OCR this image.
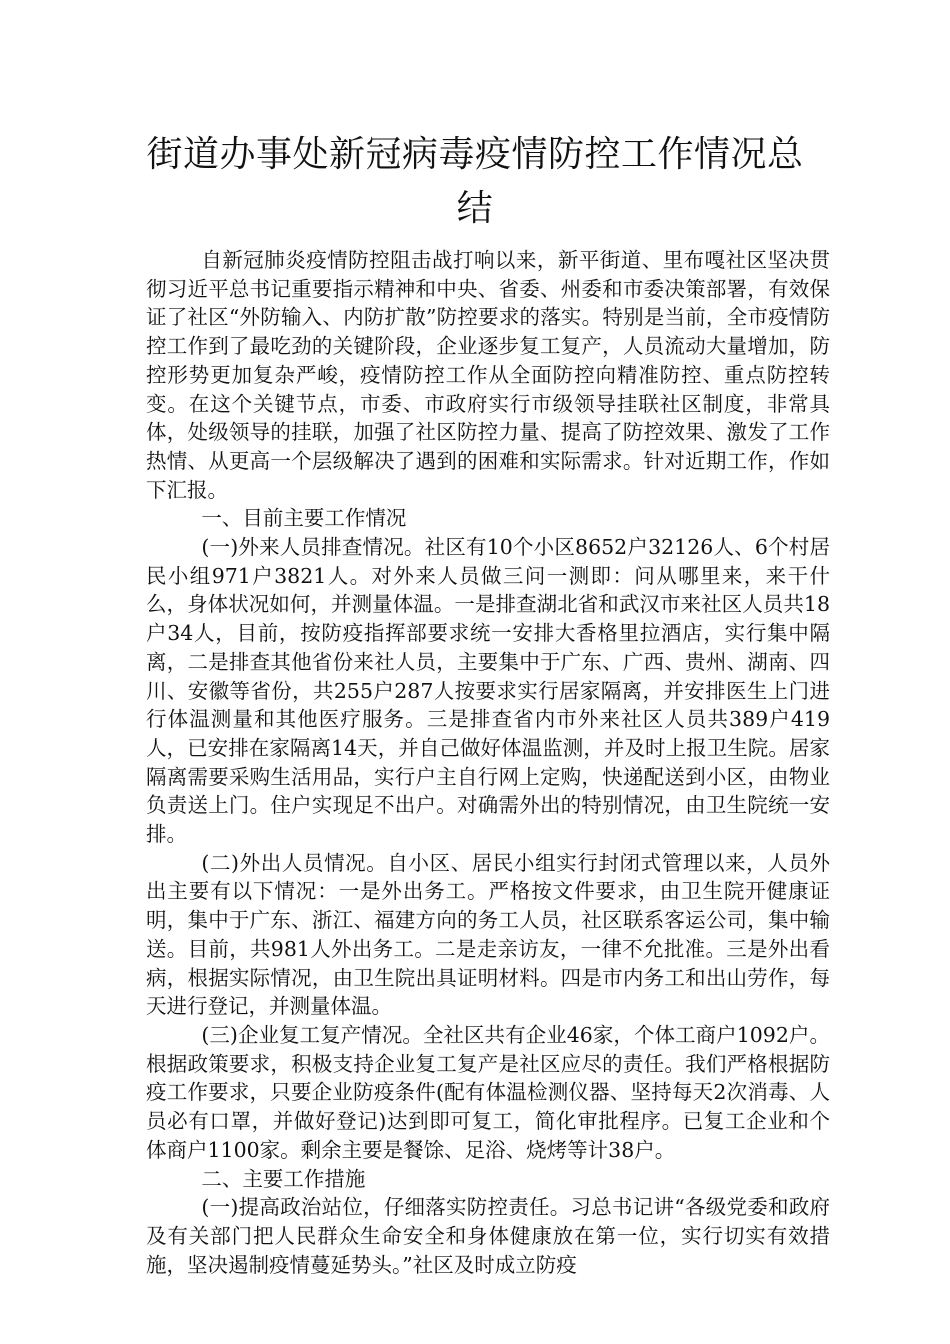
街道办事处新冠病毒疫情防控工作情况总结

自新冠肺炎疫情防控阻击战打响以来，新平街道、里布嘎社区坚决贯彻习近平总书记重要指示精神和中央、省委、州委和市委决策部署，有效保证了社区“外防输入、内防扩散”防控要求的落实。特别是当前，全市疫情防控工作到了最吃劲的关键阶段，企业逐步复工复产，人员流动大量增加，防控形势更加复杂严峻，疫情防控工作从全面防控向精准防控、重点防控转变。在这个关键节点，市委、市政府实行市级领导挂联社区制度，非常具体，处级领导的挂联，加强了社区防控力量、提高了防控效果、激发了工作热情、从更高一个层级解决了遇到的困难和实际需求。针对近期工作，作如下汇报。

一、目前主要工作情况

(一)外来人员排查情况。社区有10个小区8652户32126人、6个村居民小组971户3821人。对外来人员做三问一测即：问从哪里来，来干什么，身体状况如何，并测量体温。一是排查湖北省和武汉市来社区人员共18户34人，目前，按防疫指挥部要求统一安排大香格里拉酒店，实行集中隔离，二是排查其他省份来社人员，主要集中于广东、广西、贵州、湖南、四川、安徽等省份，共255户287人按要求实行居家隔离，并安排医生上门进行体温测量和其他医疗服务。三是排查省内市外来社区人员共389户419人，已安排在家隔离14天，并自己做好体温监测，并及时上报卫生院。居家隔离需要采购生活用品，实行户主自行网上定购，快递配送到小区，由物业负责送上门。住户实现足不出户。对确需外出的特别情况，由卫生院统一安排。

(二)外出人员情况。自小区、居民小组实行封闭式管理以来，人员外出主要有以下情况：一是外出务工。严格按文件要求，由卫生院开健康证明，集中于广东、浙江、福建方向的务工人员，社区联系客运公司，集中输送。目前，共981人外出务工。二是走亲访友，一律不允批准。三是外出看病，根据实际情况，由卫生院出具证明材料。四是市内务工和出山劳作，每天进行登记，并测量体温。

(三)企业复工复产情况。全社区共有企业46家，个体工商户1092户。根据政策要求，积极支持企业复工复产是社区应尽的责任。我们严格根据防疫工作要求，只要企业防疫条件(配有体温检测仪器、坚持每天2次消毒、人员必有口罩，并做好登记)达到即可复工，简化审批程序。已复工企业和个体商户1100家。剩余主要是餐馀、足浴、烧烤等计38户。

二、主要工作措施

(一)提高政治站位，仔细落实防控责任。习总书记讲“各级党委和政府及有关部门把人民群众生命安全和身体健康放在第一位，实行切实有效措施，坚决遏制疫情蔓延势头。”社区及时成立防疫
